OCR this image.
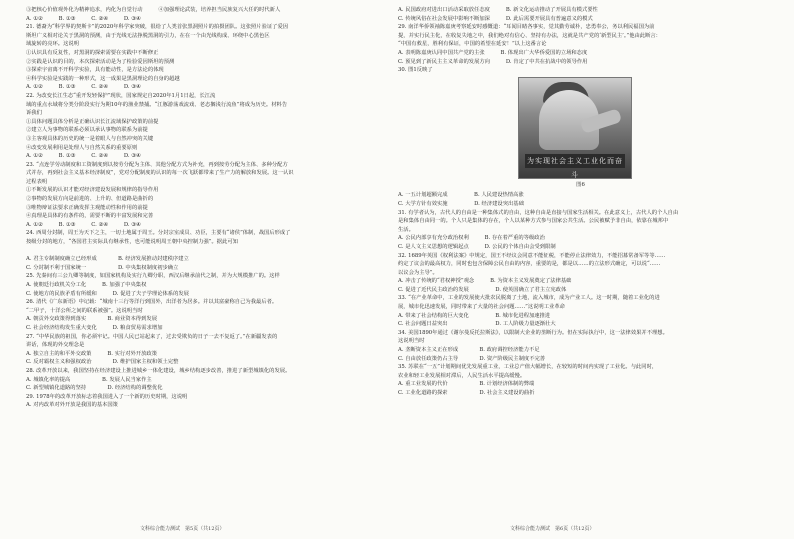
③把核心价值观外化为精神追求，内化为自觉行动　　　④加强理论武装，培养担当民族复兴大任的时代新人
A. ①②　　　B. ①③　　　C. ②④　　　D. ③④
21. 德裔为“科学界的契斯卡”的2020年科学家突破，很给了人类首张黑洞照片的拍摄团队。这张照片验证了爱因
斯坦广义相对论关于黑洞的预测，由于光线无法挣脱黑洞的引力，在在一个由光线构成、环绕中心黑色区
域旋转的亮环。这说明
①认识具有反复性，对黑洞的探索需要在实践中不断修正
②实践是认识的目的，本次探索活动是为了检验爱因斯坦的预测
③探索宇宙离不开科学实验，具有能动性，是方法论的体现
④科学实验是实践的一种形式，这一成果是黑洞理论的自身的超越
A. ①②　　　B. ①③　　　C. ②④　　　D. ③④
22. 为改变长江生态“重开发轻保护”现状，国家规定自2020年1月1日起，长江流
域的重点水域将分类分阶段实行为期10年的渔业禁捕。“江豚游荡戏流戏、老态搁浅行流鱼”将成为历史。材料告
诉我们
①具体问题具体分析是正确认识长江流域保护政策的前提
②建立人为事物的联系必须以承认事物的联系为前提
③主客观具体的历史的统一是着眼人与自然冲突的关键
④改变发展利用是处理人与自然关系的重要原则
A. ①②　　　B. ①③　　　C. ②④　　　D. ③④
23. “点连学劳动制度和工资制度到以按劳分配为主体、其他分配方式为补充，再到按劳分配为主体、多种分配方
式并存，再到社会主义基本经济制度”，党对分配制度的认识的每一次飞跃都带来了生产力的解放和发展。这一认识
过程表明
①不断发展的认识才能对经济建设发展和规律的指导作用
②事物的发展方向是前进的、上升的、但道路是曲折的
③唯物辩证法要求正确发挥主观能动性和作用的前提
④真理是具体的有条件的，需要不断的丰富发展和完善
A. ①②　　　B. ①③　　　C. ②④　　　D. ③④
24. 西周分封制，周王为天下之主，一切土地属于周王。分封宗室成员、功臣，主要有“诸侯”体制，战国后形成了
按级分封的地方，“各国君主实际具有继承性，也可能说明周王朝中央控制力强”。据此可知
A. 君主专制制度确立已经形成　　　　B. 经济发展推动封建秩序建立
C. 分封制不利于国家统一　　　　　　D. 中央集权制度初步确立
25. 先秦间有三公九卿等制度，如国家机构及实行九卿分职，西汉后继承前代之制，并为大规模推广的。这样
A. 使朝廷行政机关分工化　　　B. 加强了中央集权
C. 使地方的民族矛盾有所缓和　　　D. 促进了夫子学理论体系的发展
26. 清代《广东新语》中记载：“城南十三行等洋行到国外，出洋者为居多。并以其富豪称自己为我最后者。
“二甲子，十洋公所之间的联系被强”。这说明当时
A. 朝贡外交政策得到落实　　　　B. 商业资本得到发展
C. 社会经济结构发生重大变化　　　D. 粮食贸易需求增加
27. “中华民族的祖国，你必须牢记。中国人民已站起来了，过去受欺负的日子一去不复返了。”在新疆发表的
讲话，体现的外交理念是
A. 独立自主的和平外交政策　　　B. 实行对外开放政策
C. 反对霸权主义和强权政治　　　　D. 维护国家主权和领土完整
28. 改革开放以来，我国坚持在经济建设上推进城乡一体化建设，城乡结构逐步改善，推进了新型城镇化的发展。
A. 城镇化率的提高　　　　　　B. 发展人民当家作主
C. 新型城镇化道路的坚持　　　　D. 经济结构的调整优化
29. 1978年的改革开放标志着我国进入了一个新的历史时期，这说明
A. 对内改革对外开放是我国的基本国策
A. 民国政府对进出口活动采取放任态度　　　B. 新文化运动推动了开展具有模式要性
C. 传统风俗在社会发展中影响不断加深　　　D. 此后需要开展具有普遍意义的模式
29. 南洋华侨领袖陈嘉庚考察延安时感慨道：“耳闻目睹各事实，觉其勤劳诚朴，忠勇奉公，务以利民福国为前
提，并实行民主化，在收复失地之中，我们绝对有信心、坚持有办法，这就是共产党的‘新型民主’。”他由此断言：
“中国有救星，胜利有保证，中国的希望在延安！”以上这番言论
A. 表明陈嘉庚认同中国共产党的主张　　　B. 体现出广大华侨爱国的立场和态度
C. 预见到了新民主主义革命的发展方向　　　D. 肯定了中共在抗战中的领导作用
30. 图1反映了
为实现社会主义工业化而奋斗
图6
A. 一五计划超额完成　　　　　B. 人民建设热情高涨
C. 大学方针有效实施　　　　　D. 经济建设突出基础
31. 有学者认为，古代人的自由是一种集体式的自由，这种自由是直接与国家生活相关。在此意义上，古代人的个人自由
是和集体自由同一的。个人只是集体的存在，个人以某种方式参与国家公共生活。公民被赋予非自由，依靠在城邦中
生活。
A. 公民内部享有充分政治权利　　　B. 存在着严重的等级政治
C. 是人文主义思想的逻辑起点　　　D. 公民的个体自由会受到限制
32. 1689年英国《权利法案》中规定，国王不经议会同意不能征税，不能停止法律效力，不能招募常备军等等……
约定了议会的最高权力，同时也包含保障公民自由的内容，重要的是，都是以……的立法形式确定，可以说“……
以议会为主导”。
A. 冲击了传统的“君权神授”观念　　　B. 为资本主义发展奠定了法律基础
C. 促进了近代民主政治的发展　　　　　D. 使英国确立了君主立宪政体
33. “在产业革命中，工业的发展使大批农民脱离了土地，流入城市，成为产业工人。这一时期，随着工业化的进
展，城市化迅速发展，同时带来了大量的社会问题……”这说明工业革命
A. 带来了社会结构的巨大变化　　　　　B. 城市化进程加速推进
C. 社会问题日益突出　　　　　　　　　D. 工人阶级力量逐渐壮大
34. 美国1890年通过《谢尔曼反托拉斯法》，以限制大企业的垄断行为。但在实际执行中，这一法律效果并不理想。
这说明当时
A. 垄断资本主义正在形成　　　　B. 政府调控经济能力不足
C. 自由放任政策仍占主导　　　　D. 资产阶级民主制度不完善
35. 苏联在“一五”计划期间优先发展重工业，工业总产值大幅增长，在较短的时间内实现了工业化。与此同时，
农业和轻工业发展相对滞后，人民生活水平提高缓慢。
A. 重工业发展的代价　　　　　　B. 计划经济体制的弊端
C. 工业化道路的探索　　　　　　D. 社会主义建设的曲折
文科综合能力测试　第5页（共12页）	文科综合能力测试　第6页（共12页）
